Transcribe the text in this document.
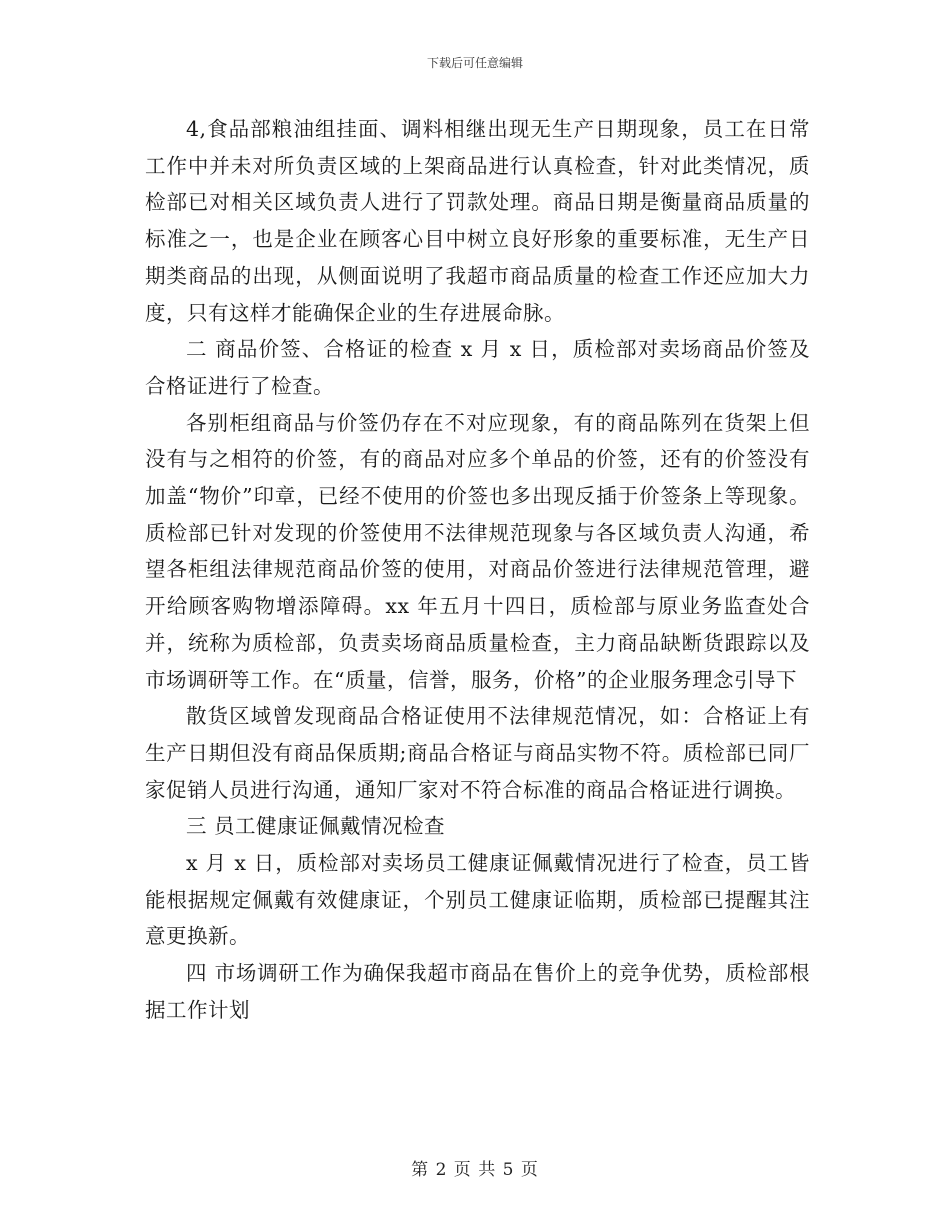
下载后可任意编辑

4,食品部粮油组挂面、调料相继出现无生产日期现象，员工在日常工作中并未对所负责区域的上架商品进行认真检查，针对此类情况，质检部已对相关区域负责人进行了罚款处理。商品日期是衡量商品质量的标准之一，也是企业在顾客心目中树立良好形象的重要标准，无生产日期类商品的出现，从侧面说明了我超市商品质量的检查工作还应加大力度，只有这样才能确保企业的生存进展命脉。

二 商品价签、合格证的检查 x 月 x 日，质检部对卖场商品价签及合格证进行了检查。

各别柜组商品与价签仍存在不对应现象，有的商品陈列在货架上但没有与之相符的价签，有的商品对应多个单品的价签，还有的价签没有加盖“物价”印章，已经不使用的价签也多出现反插于价签条上等现象。质检部已针对发现的价签使用不法律规范现象与各区域负责人沟通，希望各柜组法律规范商品价签的使用，对商品价签进行法律规范管理，避开给顾客购物增添障碍。xx 年五月十四日，质检部与原业务监查处合并，统称为质检部，负责卖场商品质量检查，主力商品缺断货跟踪以及市场调研等工作。在“质量，信誉，服务，价格”的企业服务理念引导下

散货区域曾发现商品合格证使用不法律规范情况，如：合格证上有生产日期但没有商品保质期;商品合格证与商品实物不符。质检部已同厂家促销人员进行沟通，通知厂家对不符合标准的商品合格证进行调换。

三 员工健康证佩戴情况检查

x 月 x 日，质检部对卖场员工健康证佩戴情况进行了检查，员工皆能根据规定佩戴有效健康证，个别员工健康证临期，质检部已提醒其注意更换新。

四 市场调研工作为确保我超市商品在售价上的竞争优势，质检部根据工作计划

第 2 页 共 5 页
